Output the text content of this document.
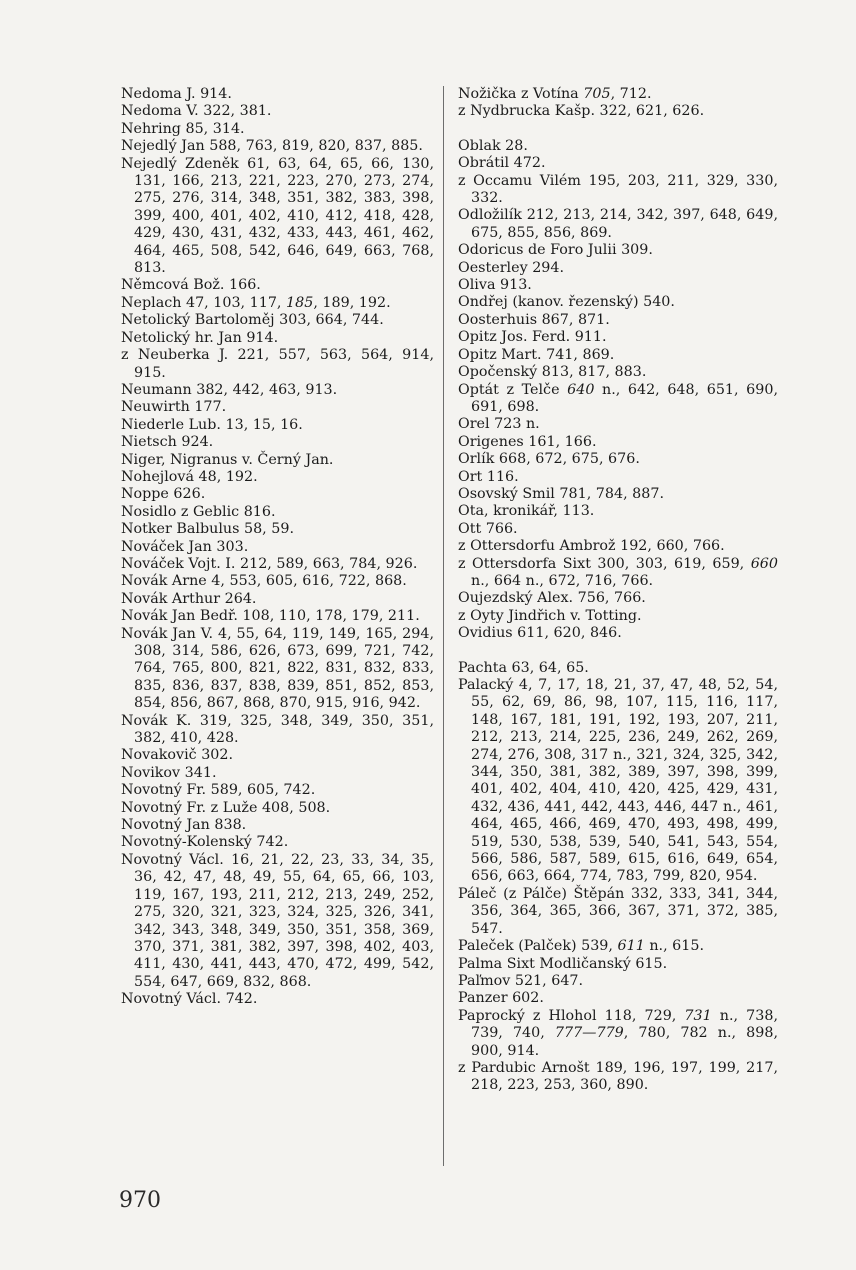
Nedoma J. 914.
Nedoma V. 322, 381.
Nehring 85, 314.
Nejedlý Jan 588, 763, 819, 820, 837, 885.
Nejedlý Zdeněk 61, 63, 64, 65, 66, 130, 131, 166, 213, 221, 223, 270, 273, 274, 275, 276, 314, 348, 351, 382, 383, 398, 399, 400, 401, 402, 410, 412, 418, 428, 429, 430, 431, 432, 433, 443, 461, 462, 464, 465, 508, 542, 646, 649, 663, 768, 813.
Němcová Bož. 166.
Neplach 47, 103, 117, 185, 189, 192.
Netolický Bartoloměj 303, 664, 744.
Netolický hr. Jan 914.
z Neuberka J. 221, 557, 563, 564, 914, 915.
Neumann 382, 442, 463, 913.
Neuwirth 177.
Niederle Lub. 13, 15, 16.
Nietsch 924.
Niger, Nigranus v. Černý Jan.
Nohejlová 48, 192.
Noppe 626.
Nosidlo z Geblic 816.
Notker Balbulus 58, 59.
Nováček Jan 303.
Nováček Vojt. I. 212, 589, 663, 784, 926.
Novák Arne 4, 553, 605, 616, 722, 868.
Novák Arthur 264.
Novák Jan Bedř. 108, 110, 178, 179, 211.
Novák Jan V. 4, 55, 64, 119, 149, 165, 294, 308, 314, 586, 626, 673, 699, 721, 742, 764, 765, 800, 821, 822, 831, 832, 833, 835, 836, 837, 838, 839, 851, 852, 853, 854, 856, 867, 868, 870, 915, 916, 942.
Novák K. 319, 325, 348, 349, 350, 351, 382, 410, 428.
Novakovič 302.
Novikov 341.
Novotný Fr. 589, 605, 742.
Novotný Fr. z Luže 408, 508.
Novotný Jan 838.
Novotný-Kolenský 742.
Novotný Václ. 16, 21, 22, 23, 33, 34, 35, 36, 42, 47, 48, 49, 55, 64, 65, 66, 103, 119, 167, 193, 211, 212, 213, 249, 252, 275, 320, 321, 323, 324, 325, 326, 341, 342, 343, 348, 349, 350, 351, 358, 369, 370, 371, 381, 382, 397, 398, 402, 403, 411, 430, 441, 443, 470, 472, 499, 542, 554, 647, 669, 832, 868.
Novotný Václ. 742.
Nožička z Votína 705, 712.
z Nydbrucka Kašp. 322, 621, 626.
Oblak 28.
Obrátil 472.
z Occamu Vilém 195, 203, 211, 329, 330, 332.
Odložilík 212, 213, 214, 342, 397, 648, 649, 675, 855, 856, 869.
Odoricus de Foro Julii 309.
Oesterley 294.
Oliva 913.
Ondřej (kanov. řezenský) 540.
Oosterhuis 867, 871.
Opitz Jos. Ferd. 911.
Opitz Mart. 741, 869.
Opočenský 813, 817, 883.
Optát z Telče 640 n., 642, 648, 651, 690, 691, 698.
Orel 723 n.
Origenes 161, 166.
Orlík 668, 672, 675, 676.
Ort 116.
Osovský Smil 781, 784, 887.
Ota, kronikář, 113.
Ott 766.
z Ottersdorfu Ambrož 192, 660, 766.
z Ottersdorfa Sixt 300, 303, 619, 659, 660 n., 664 n., 672, 716, 766.
Oujezdský Alex. 756, 766.
z Oyty Jindřich v. Totting.
Ovidius 611, 620, 846.
Pachta 63, 64, 65.
Palacký 4, 7, 17, 18, 21, 37, 47, 48, 52, 54, 55, 62, 69, 86, 98, 107, 115, 116, 117, 148, 167, 181, 191, 192, 193, 207, 211, 212, 213, 214, 225, 236, 249, 262, 269, 274, 276, 308, 317 n., 321, 324, 325, 342, 344, 350, 381, 382, 389, 397, 398, 399, 401, 402, 404, 410, 420, 425, 429, 431, 432, 436, 441, 442, 443, 446, 447 n., 461, 464, 465, 466, 469, 470, 493, 498, 499, 519, 530, 538, 539, 540, 541, 543, 554, 566, 586, 587, 589, 615, 616, 649, 654, 656, 663, 664, 774, 783, 799, 820, 954.
Páleč (z Pálče) Štěpán 332, 333, 341, 344, 356, 364, 365, 366, 367, 371, 372, 385, 547.
Paleček (Palček) 539, 611 n., 615.
Palma Sixt Modličanský 615.
Paľmov 521, 647.
Panzer 602.
Paprocký z Hlohol 118, 729, 731 n., 738, 739, 740, 777—779, 780, 782 n., 898, 900, 914.
z Pardubic Arnošt 189, 196, 197, 199, 217, 218, 223, 253, 360, 890.
970
